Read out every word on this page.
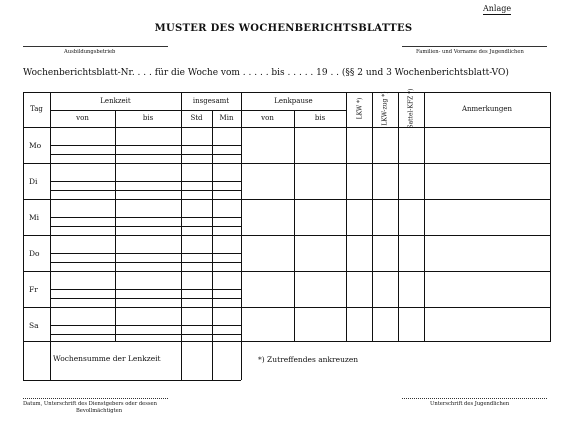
Anlage
MUSTER DES WOCHENBERICHTSBLATTES
Ausbildungsbetrieb	Familien- und Vorname des Jugendlichen
Wochenberichtsblatt-Nr. . . . für die Woche vom . . . . . bis . . . . . 19 . . (§§ 2 und 3 Wochenberichtsblatt-VO)
Tag
Lenkzeit	insgesamt	Lenkpause
von	bis	Std	Min	von	bis	LKW *)	LKW-zug *)	Sattel-KFZ *)	Anmerkungen
Mo
Di
Mi
Do
Fr
Sa
Wochensumme der Lenkzeit	*) Zutreffendes ankreuzen
Datum, Unterschrift des Dienstgebers oder dessen
Bevollmächtigten
Unterschrift des Jugendlichen
